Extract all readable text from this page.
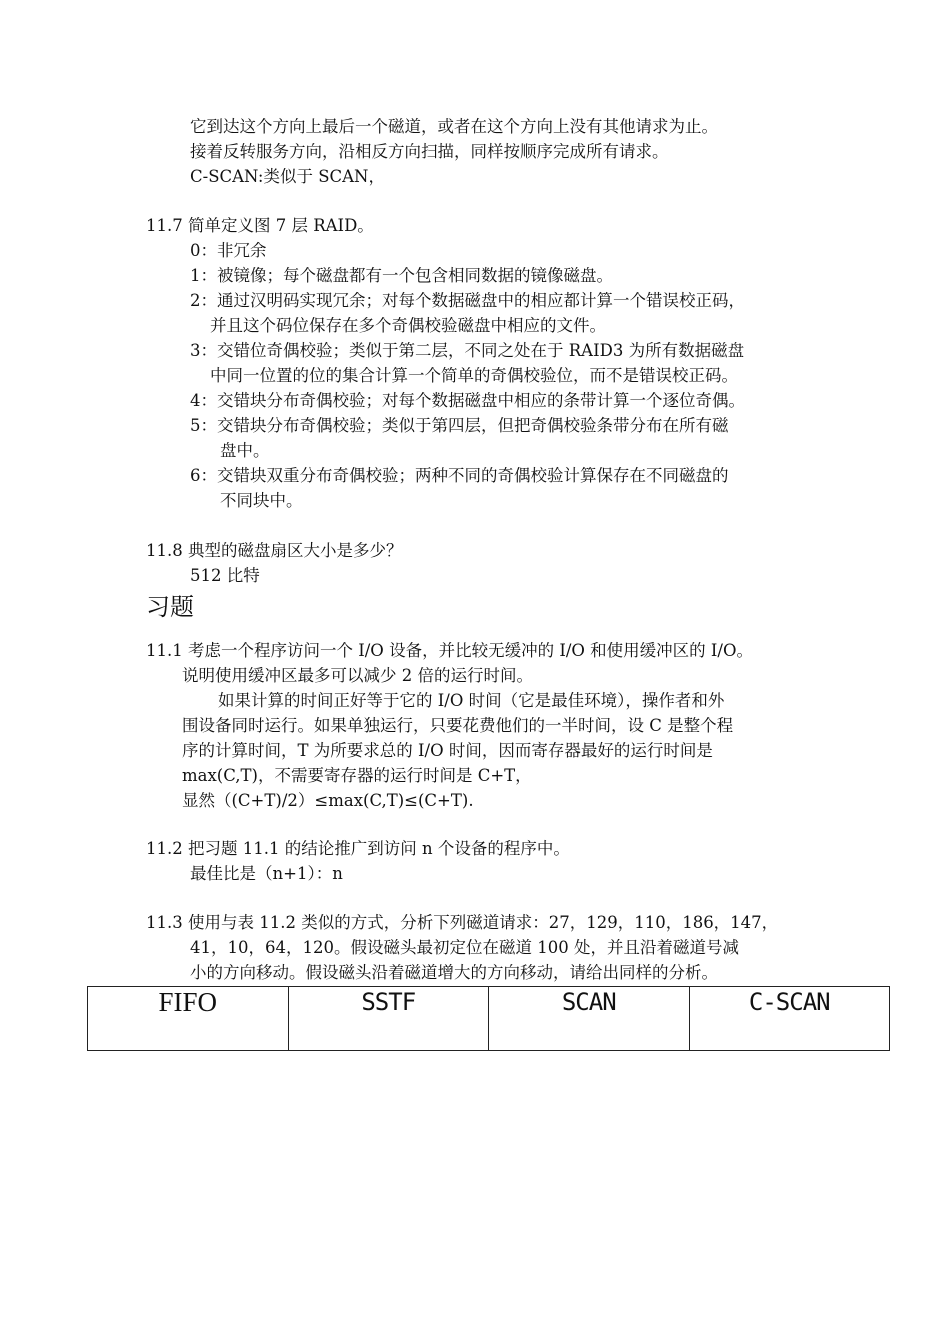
它到达这个方向上最后一个磁道，或者在这个方向上没有其他请求为止。
接着反转服务方向，沿相反方向扫描，同样按顺序完成所有请求。
C-SCAN:类似于 SCAN，
11.7 简单定义图 7 层 RAID。
0：非冗余
1：被镜像；每个磁盘都有一个包含相同数据的镜像磁盘。
2：通过汉明码实现冗余；对每个数据磁盘中的相应都计算一个错误校正码，
并且这个码位保存在多个奇偶校验磁盘中相应的文件。
3：交错位奇偶校验；类似于第二层，不同之处在于 RAID3 为所有数据磁盘
中同一位置的位的集合计算一个简单的奇偶校验位，而不是错误校正码。
4：交错块分布奇偶校验；对每个数据磁盘中相应的条带计算一个逐位奇偶。
5：交错块分布奇偶校验；类似于第四层，但把奇偶校验条带分布在所有磁
盘中。
6：交错块双重分布奇偶校验；两种不同的奇偶校验计算保存在不同磁盘的
不同块中。
11.8 典型的磁盘扇区大小是多少？
512 比特
习题
11.1 考虑一个程序访问一个 I/O 设备，并比较无缓冲的 I/O 和使用缓冲区的 I/O。
说明使用缓冲区最多可以减少 2 倍的运行时间。
如果计算的时间正好等于它的 I/O 时间（它是最佳环境），操作者和外
围设备同时运行。如果单独运行，只要花费他们的一半时间，设 C 是整个程
序的计算时间，T 为所要求总的 I/O 时间，因而寄存器最好的运行时间是
max(C,T)，不需要寄存器的运行时间是 C+T，
显然（(C+T)/2）≤max(C,T)≤(C+T).
11.2 把习题 11.1 的结论推广到访问 n 个设备的程序中。
最佳比是（n+1）：n
11.3 使用与表 11.2 类似的方式，分析下列磁道请求：27，129，110，186，147，
41，10，64，120。假设磁头最初定位在磁道 100 处，并且沿着磁道号减
小的方向移动。假设磁头沿着磁道增大的方向移动，请给出同样的分析。
FIFO	SSTF	SCAN	C-SCAN
